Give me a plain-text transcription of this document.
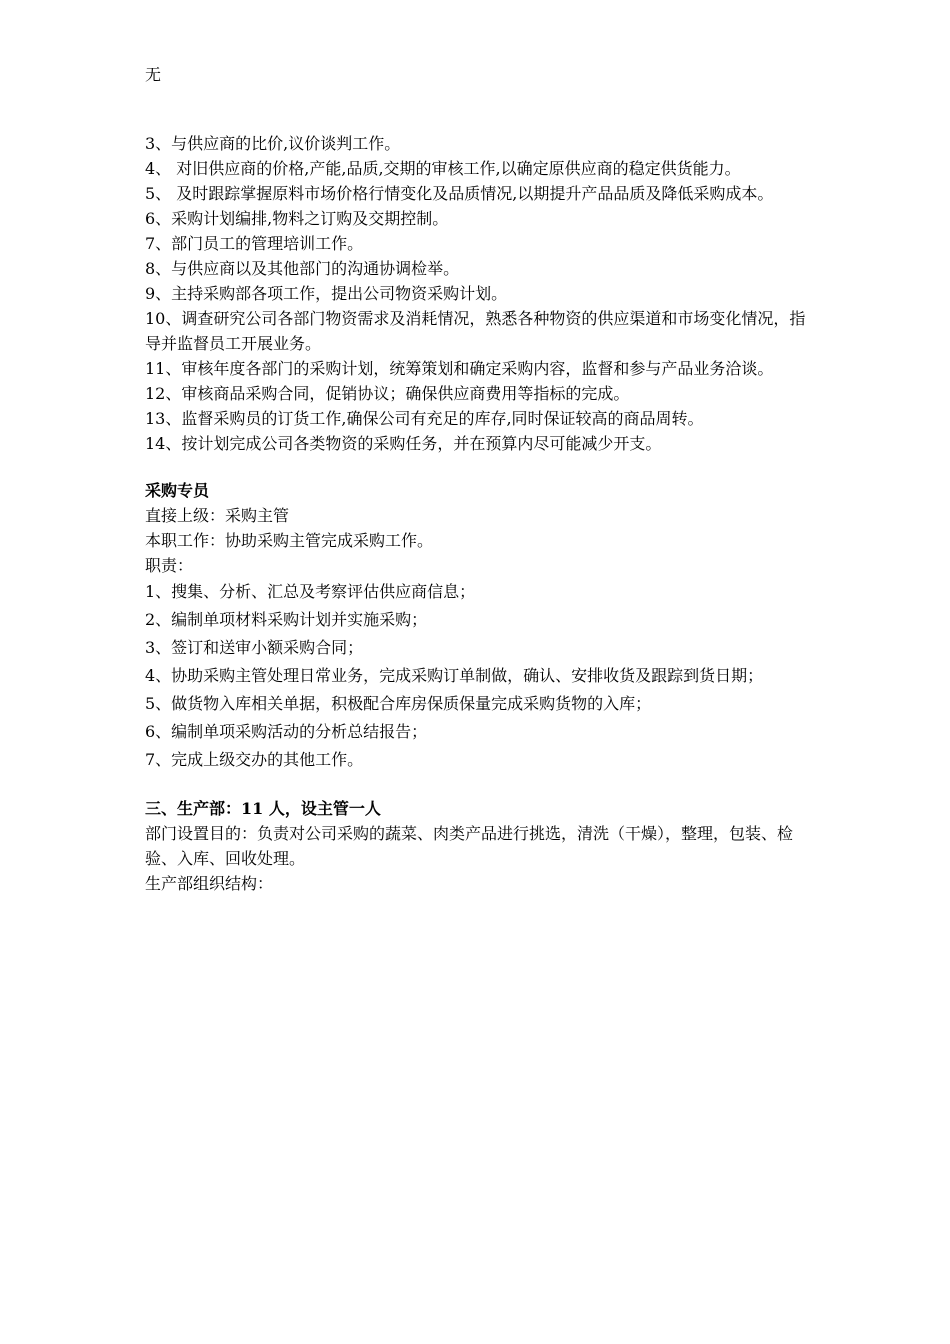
无

3、与供应商的比价,议价谈判工作。

4、 对旧供应商的价格,产能,品质,交期的审核工作,以确定原供应商的稳定供货能力。

5、 及时跟踪掌握原料市场价格行情变化及品质情况,以期提升产品品质及降低采购成本。

6、采购计划编排,物料之订购及交期控制。

7、部门员工的管理培训工作。

8、与供应商以及其他部门的沟通协调检举。

9、主持采购部各项工作，提出公司物资采购计划。

10、调查研究公司各部门物资需求及消耗情况，熟悉各种物资的供应渠道和市场变化情况，指导并监督员工开展业务。

11、审核年度各部门的采购计划，统筹策划和确定采购内容，监督和参与产品业务洽谈。

12、审核商品采购合同，促销协议；确保供应商费用等指标的完成。

13、监督采购员的订货工作,确保公司有充足的库存,同时保证较高的商品周转。

14、按计划完成公司各类物资的采购任务，并在预算内尽可能减少开支。

采购专员

直接上级：采购主管

本职工作：协助采购主管完成采购工作。

职责：

1、搜集、分析、汇总及考察评估供应商信息；

2、编制单项材料采购计划并实施采购；

3、签订和送审小额采购合同；

4、协助采购主管处理日常业务，完成采购订单制做，确认、安排收货及跟踪到货日期；

5、做货物入库相关单据，积极配合库房保质保量完成采购货物的入库；

6、编制单项采购活动的分析总结报告；

7、完成上级交办的其他工作。

三、生产部：11 人，设主管一人

部门设置目的：负责对公司采购的蔬菜、肉类产品进行挑选，清洗（干燥），整理，包装、检验、入库、回收处理。

生产部组织结构：
